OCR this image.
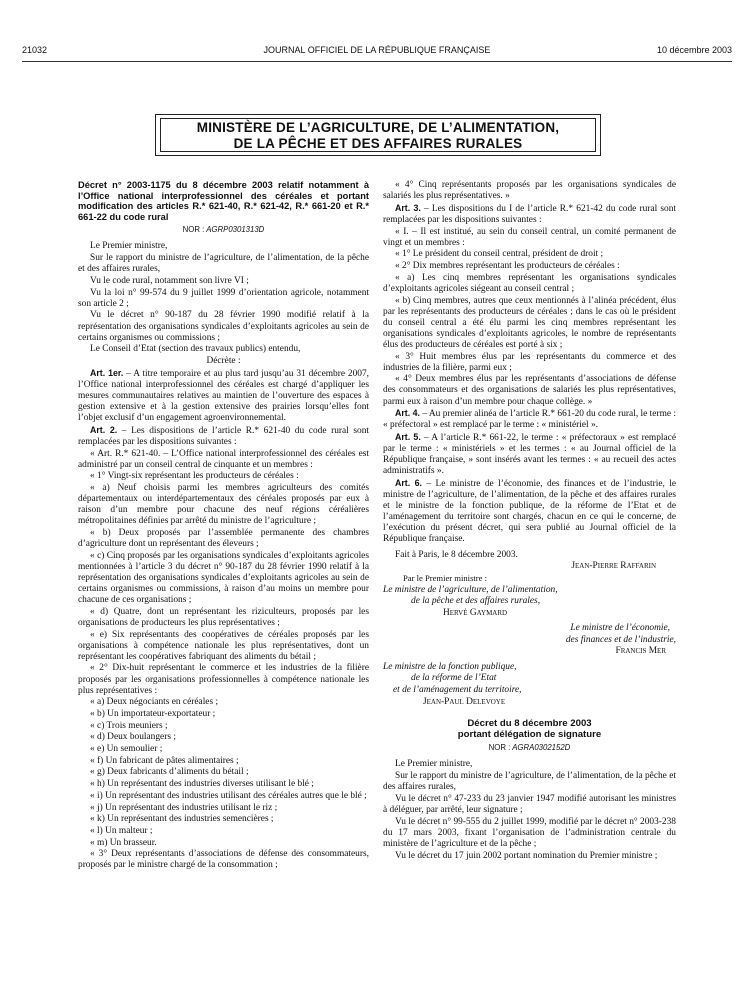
21032	JOURNAL OFFICIEL DE LA RÉPUBLIQUE FRANÇAISE	10 décembre 2003
MINISTÈRE DE L’AGRICULTURE, DE L’ALIMENTATION,
DE LA PÊCHE ET DES AFFAIRES RURALES

Décret n° 2003-1175 du 8 décembre 2003 relatif notamment à l’Office national interprofessionnel des céréales et portant modification des articles R.* 621-40, R.* 621-42, R.* 661-20 et R.* 661-22 du code rural

NOR : AGRP0301313D

Le Premier ministre,

Sur le rapport du ministre de l’agriculture, de l’alimentation, de la pêche et des affaires rurales,

Vu le code rural, notamment son livre VI ;

Vu la loi n° 99-574 du 9 juillet 1999 d’orientation agricole, notamment son article 2 ;

Vu le décret n° 90-187 du 28 février 1990 modifié relatif à la représentation des organisations syndicales d’exploitants agricoles au sein de certains organismes ou commissions ;

Le Conseil d’Etat (section des travaux publics) entendu,

Décrète :

Art. 1er. – A titre temporaire et au plus tard jusqu’au 31 décembre 2007, l’Office national interprofessionnel des céréales est chargé d’appliquer les mesures communautaires relatives au maintien de l’ouverture des espaces à gestion extensive et à la gestion extensive des prairies lorsqu’elles font l’objet exclusif d’un engagement agroenvironnemental.

Art. 2. – Les dispositions de l’article R.* 621-40 du code rural sont remplacées par les dispositions suivantes :

« Art. R.* 621-40. – L’Office national interprofessionnel des céréales est administré par un conseil central de cinquante et un membres :

« 1° Vingt-six représentant les producteurs de céréales :

« a) Neuf choisis parmi les membres agriculteurs des comités départementaux ou interdépartementaux des céréales proposés par eux à raison d’un membre pour chacune des neuf régions céréalières métropolitaines définies par arrêté du ministre de l’agriculture ;

« b) Deux proposés par l’assemblée permanente des chambres d’agriculture dont un représentant des éleveurs ;

« c) Cinq proposés par les organisations syndicales d’exploitants agricoles mentionnées à l’article 3 du décret n° 90-187 du 28 février 1990 relatif à la représentation des organisations syndicales d’exploitants agricoles au sein de certains organismes ou commissions, à raison d’au moins un membre pour chacune de ces organisations ;

« d) Quatre, dont un représentant les riziculteurs, proposés par les organisations de producteurs les plus représentatives ;

« e) Six représentants des coopératives de céréales proposés par les organisations à compétence nationale les plus représentatives, dont un représentant les coopératives fabriquant des aliments du bétail ;

« 2° Dix-huit représentant le commerce et les industries de la filière proposés par les organisations professionnelles à compétence nationale les plus représentatives :

« a) Deux négociants en céréales ;

« b) Un importateur-exportateur ;

« c) Trois meuniers ;

« d) Deux boulangers ;

« e) Un semoulier ;

« f) Un fabricant de pâtes alimentaires ;

« g) Deux fabricants d’aliments du bétail ;

« h) Un représentant des industries diverses utilisant le blé ;

« i) Un représentant des industries utilisant des céréales autres que le blé ;

« j) Un représentant des industries utilisant le riz ;

« k) Un représentant des industries semencières ;

« l) Un malteur ;

« m) Un brasseur.

« 3° Deux représentants d’associations de défense des consommateurs, proposés par le ministre chargé de la consommation ;

« 4° Cinq représentants proposés par les organisations syndicales de salariés les plus représentatives. »

Art. 3. – Les dispositions du I de l’article R.* 621-42 du code rural sont remplacées par les dispositions suivantes :

« I. – Il est institué, au sein du conseil central, un comité permanent de vingt et un membres :

« 1° Le président du conseil central, président de droit ;

« 2° Dix membres représentant les producteurs de céréales :

« a) Les cinq membres représentant les organisations syndicales d’exploitants agricoles siégeant au conseil central ;

« b) Cinq membres, autres que ceux mentionnés à l’alinéa précédent, élus par les représentants des producteurs de céréales ; dans le cas où le président du conseil central a été élu parmi les cinq membres représentant les organisations syndicales d’exploitants agricoles, le nombre de représentants élus des producteurs de céréales est porté à six ;

« 3° Huit membres élus par les représentants du commerce et des industries de la filière, parmi eux ;

« 4° Deux membres élus par les représentants d’associations de défense des consommateurs et des organisations de salariés les plus représentatives, parmi eux à raison d’un membre pour chaque collège. »

Art. 4. – Au premier alinéa de l’article R.* 661-20 du code rural, le terme : « préfectoral » est remplacé par le terme : « ministériel ».

Art. 5. – A l’article R.* 661-22, le terme : « préfectoraux » est remplacé par le terme : « ministériels » et les termes : « au Journal officiel de la République française, » sont insérés avant les termes : « au recueil des actes administratifs ».

Art. 6. – Le ministre de l’économie, des finances et de l’industrie, le ministre de l’agriculture, de l’alimentation, de la pêche et des affaires rurales et le ministre de la fonction publique, de la réforme de l’Etat et de l’aménagement du territoire sont chargés, chacun en ce qui le concerne, de l’exécution du présent décret, qui sera publié au Journal officiel de la République française.

Fait à Paris, le 8 décembre 2003.

Jean-Pierre Raffarin

Par le Premier ministre :

Le ministre de l’agriculture, de l’alimentation,

de la pêche et des affaires rurales,

Hervé Gaymard

Le ministre de l’économie,

des finances et de l’industrie,

Francis Mer

Le ministre de la fonction publique,

de la réforme de l’Etat

et de l’aménagement du territoire,

Jean-Paul Delevoye

Décret du 8 décembre 2003

portant délégation de signature

NOR : AGRA0302152D

Le Premier ministre,

Sur le rapport du ministre de l’agriculture, de l’alimentation, de la pêche et des affaires rurales,

Vu le décret n° 47-233 du 23 janvier 1947 modifié autorisant les ministres à déléguer, par arrêté, leur signature ;

Vu le décret n° 99-555 du 2 juillet 1999, modifié par le décret n° 2003-238 du 17 mars 2003, fixant l’organisation de l’administration centrale du ministère de l’agriculture et de la pêche ;

Vu le décret du 17 juin 2002 portant nomination du Premier ministre ;
